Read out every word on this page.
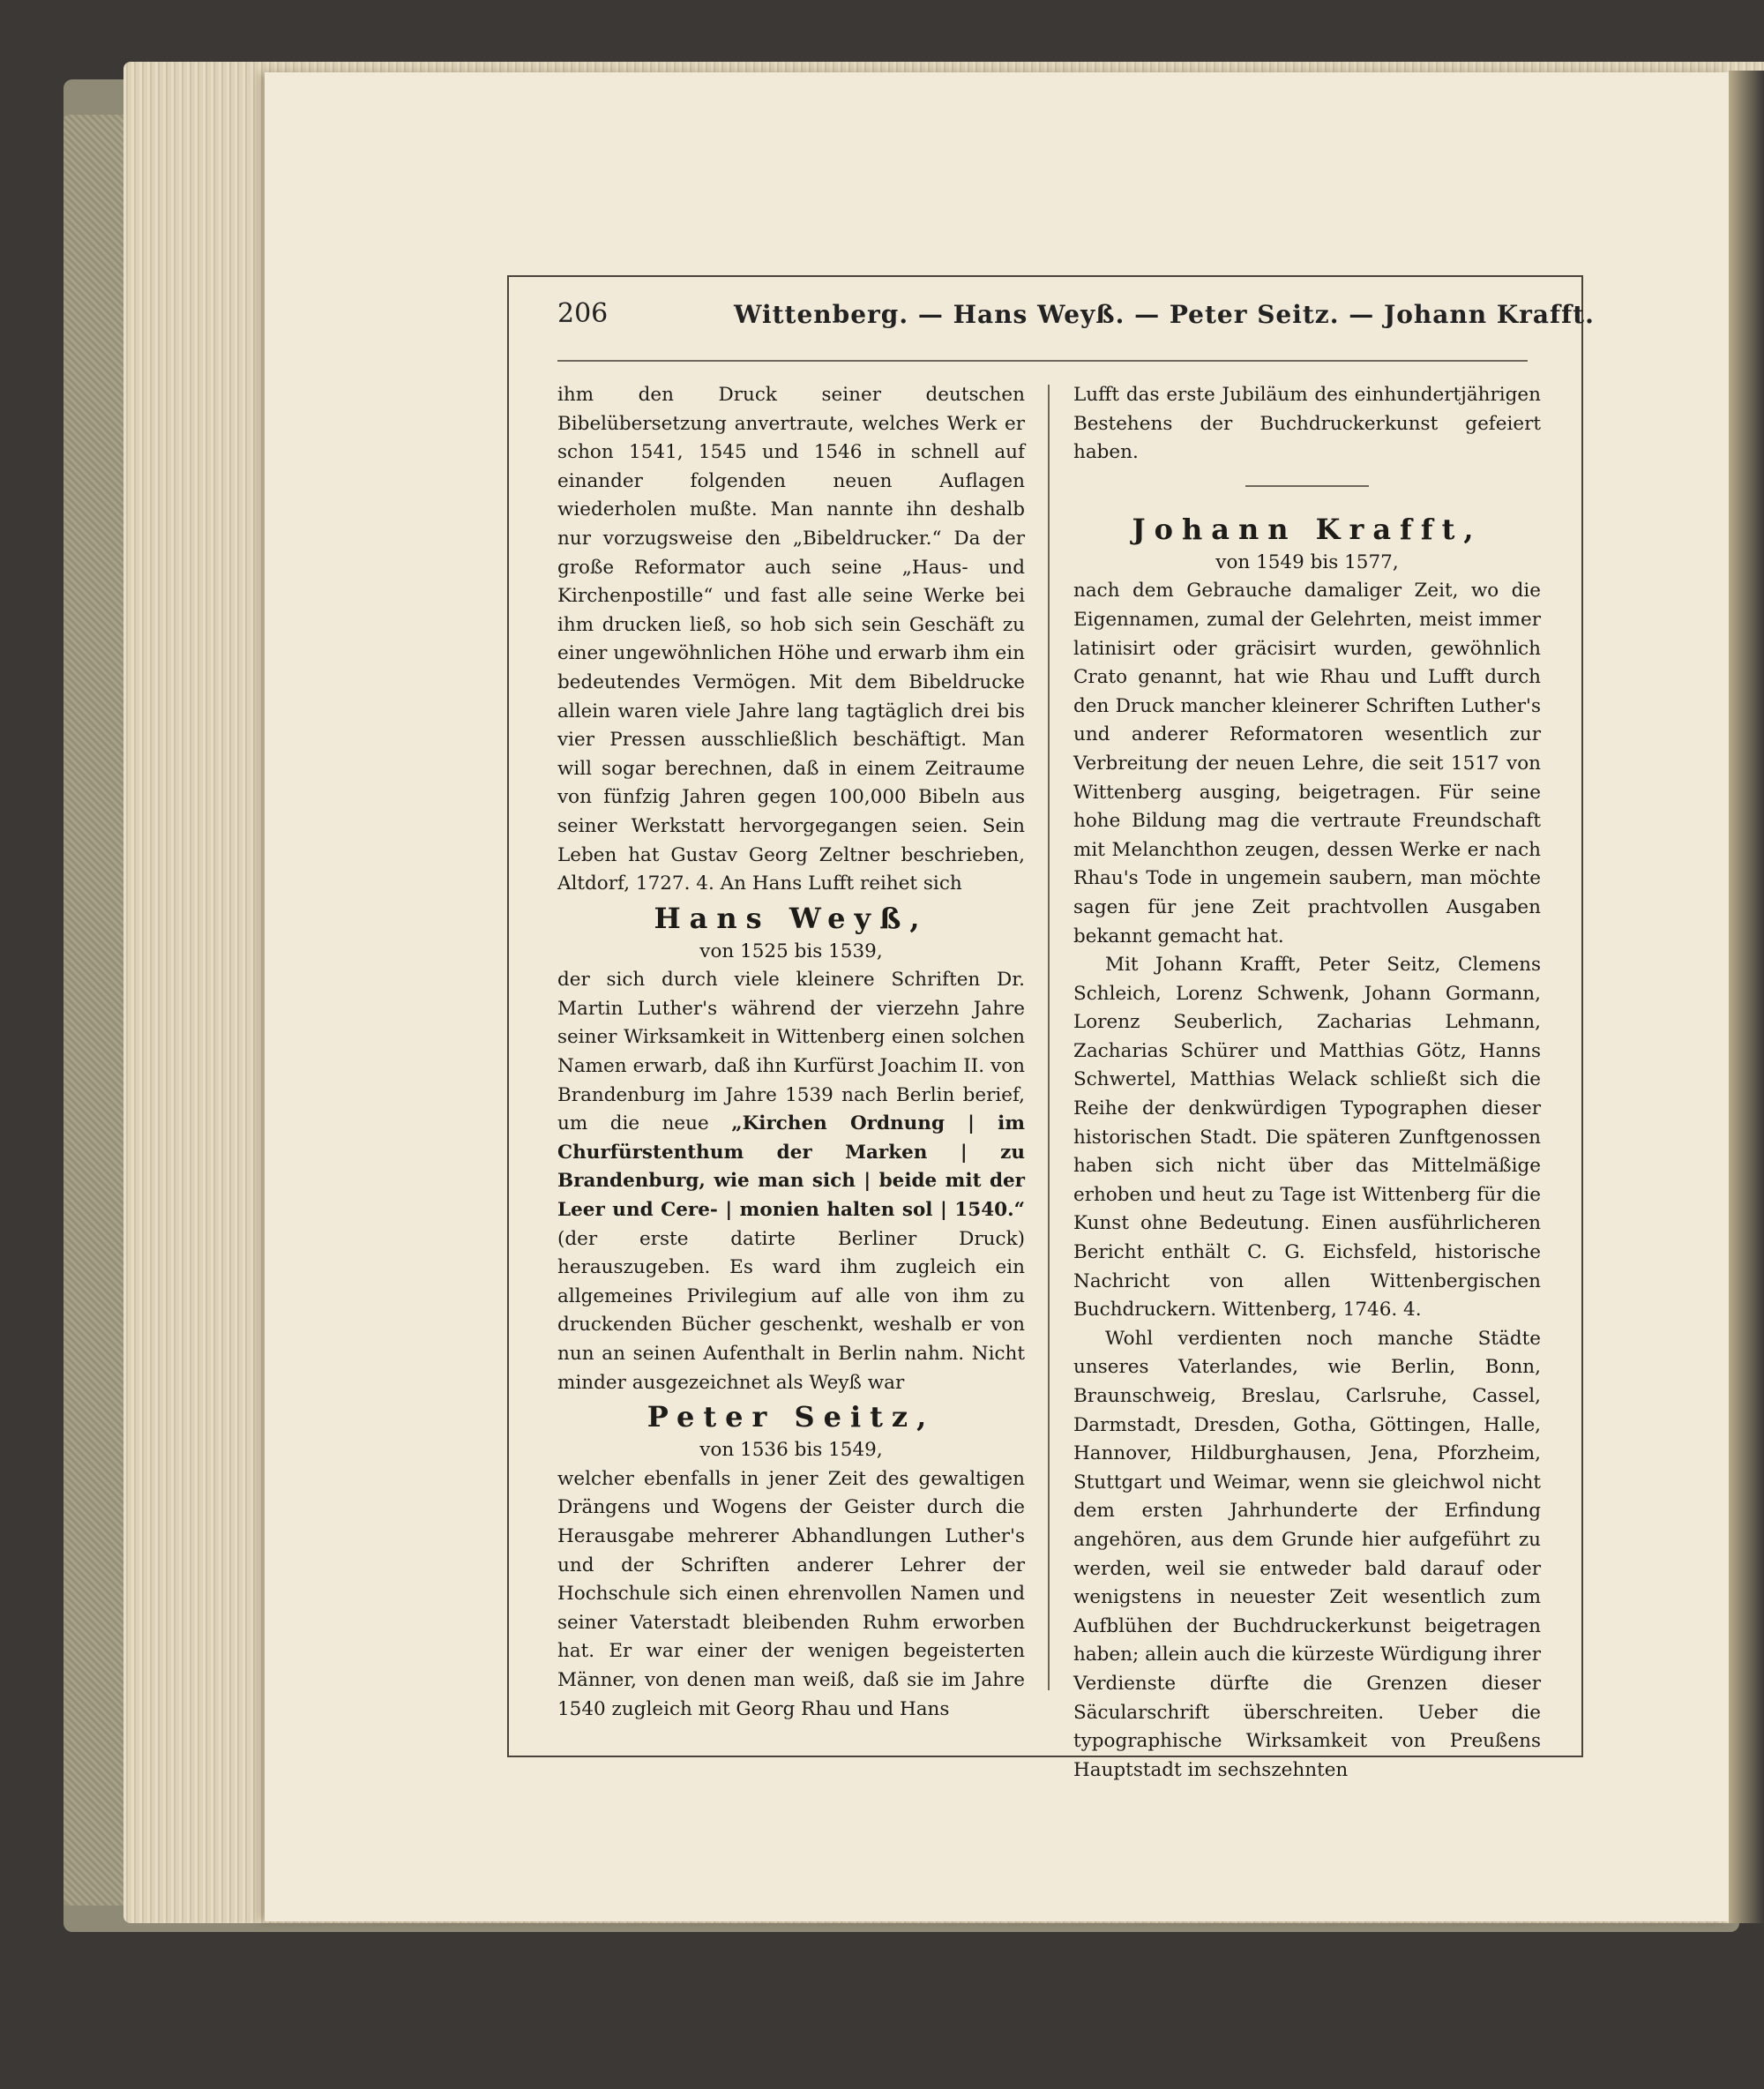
206	Wittenberg. — Hans Weyß. — Peter Seitz. — Johann Krafft.

ihm den Druck seiner deutschen Bibelübersetzung anvertraute, welches Werk er schon 1541, 1545 und 1546 in schnell auf einander folgenden neuen Auflagen wiederholen mußte. Man nannte ihn deshalb nur vorzugsweise den „Bibeldrucker.“ Da der große Reformator auch seine „Haus- und Kirchenpostille“ und fast alle seine Werke bei ihm drucken ließ, so hob sich sein Geschäft zu einer ungewöhnlichen Höhe und erwarb ihm ein bedeutendes Vermögen. Mit dem Bibeldrucke allein waren viele Jahre lang tagtäglich drei bis vier Pressen ausschließlich beschäftigt. Man will sogar berechnen, daß in einem Zeitraume von fünfzig Jahren gegen 100,000 Bibeln aus seiner Werkstatt hervorgegangen seien. Sein Leben hat Gustav Georg Zeltner beschrieben, Altdorf, 1727. 4. An Hans Lufft reihet sich

Hans Weyß,

von 1525 bis 1539,

der sich durch viele kleinere Schriften Dr. Martin Luther's während der vierzehn Jahre seiner Wirksamkeit in Wittenberg einen solchen Namen erwarb, daß ihn Kurfürst Joachim II. von Brandenburg im Jahre 1539 nach Berlin berief, um die neue „Kirchen Ordnung | im Churfürstenthum der Marken | zu Brandenburg, wie man sich | beide mit der Leer und Cere- | monien halten sol | 1540.“ (der erste datirte Berliner Druck) herauszugeben. Es ward ihm zugleich ein allgemeines Privilegium auf alle von ihm zu druckenden Bücher geschenkt, weshalb er von nun an seinen Aufenthalt in Berlin nahm. Nicht minder ausgezeichnet als Weyß war

Peter Seitz,

von 1536 bis 1549,

welcher ebenfalls in jener Zeit des gewaltigen Drängens und Wogens der Geister durch die Herausgabe mehrerer Abhandlungen Luther's und der Schriften anderer Lehrer der Hochschule sich einen ehrenvollen Namen und seiner Vaterstadt bleibenden Ruhm erworben hat. Er war einer der wenigen begeisterten Männer, von denen man weiß, daß sie im Jahre 1540 zugleich mit Georg Rhau und Hans

Lufft das erste Jubiläum des einhundertjährigen Bestehens der Buchdruckerkunst gefeiert haben.

Johann Krafft,

von 1549 bis 1577,

nach dem Gebrauche damaliger Zeit, wo die Eigennamen, zumal der Gelehrten, meist immer latinisirt oder gräcisirt wurden, gewöhnlich Crato genannt, hat wie Rhau und Lufft durch den Druck mancher kleinerer Schriften Luther's und anderer Reformatoren wesentlich zur Verbreitung der neuen Lehre, die seit 1517 von Wittenberg ausging, beigetragen. Für seine hohe Bildung mag die vertraute Freundschaft mit Melanchthon zeugen, dessen Werke er nach Rhau's Tode in ungemein saubern, man möchte sagen für jene Zeit prachtvollen Ausgaben bekannt gemacht hat.

Mit Johann Krafft, Peter Seitz, Clemens Schleich, Lorenz Schwenk, Johann Gormann, Lorenz Seuberlich, Zacharias Lehmann, Zacharias Schürer und Matthias Götz, Hanns Schwertel, Matthias Welack schließt sich die Reihe der denkwürdigen Typographen dieser historischen Stadt. Die späteren Zunftgenossen haben sich nicht über das Mittelmäßige erhoben und heut zu Tage ist Wittenberg für die Kunst ohne Bedeutung. Einen ausführlicheren Bericht enthält C. G. Eichsfeld, historische Nachricht von allen Wittenbergischen Buchdruckern. Wittenberg, 1746. 4.

Wohl verdienten noch manche Städte unseres Vaterlandes, wie Berlin, Bonn, Braunschweig, Breslau, Carlsruhe, Cassel, Darmstadt, Dresden, Gotha, Göttingen, Halle, Hannover, Hildburghausen, Jena, Pforzheim, Stuttgart und Weimar, wenn sie gleichwol nicht dem ersten Jahrhunderte der Erfindung angehören, aus dem Grunde hier aufgeführt zu werden, weil sie entweder bald darauf oder wenigstens in neuester Zeit wesentlich zum Aufblühen der Buchdruckerkunst beigetragen haben; allein auch die kürzeste Würdigung ihrer Verdienste dürfte die Grenzen dieser Säcularschrift überschreiten. Ueber die typographische Wirksamkeit von Preußens Hauptstadt im sechszehnten
